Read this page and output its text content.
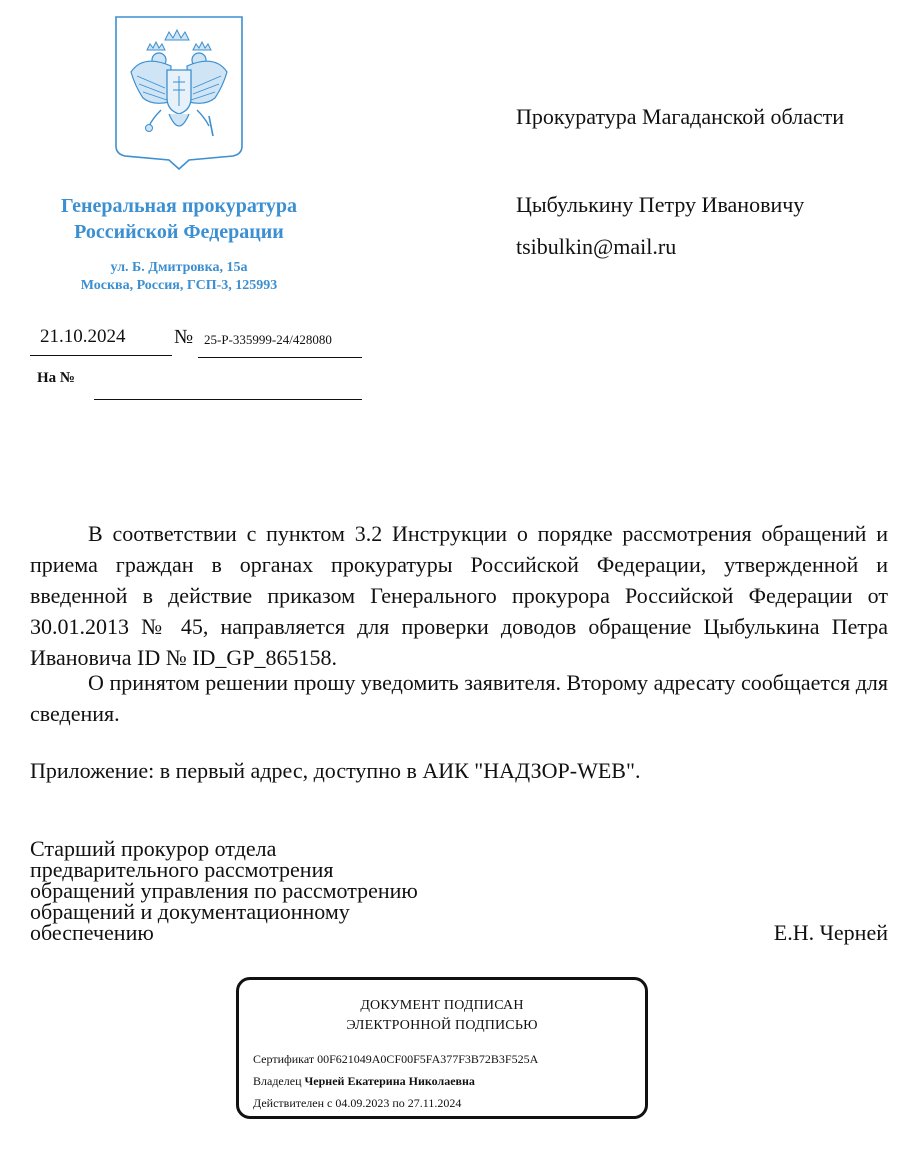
Генеральная прокуратура
Российской Федерации
ул. Б. Дмитровка, 15а
Москва, Россия, ГСП-3, 125993
Прокуратура Магаданской области
Цыбулькину Петру Ивановичу
tsibulkin@mail.ru
21.10.2024	№ 25-Р-335999-24/428080
На №
В соответствии с пунктом 3.2 Инструкции о порядке рассмотрения обращений и приема граждан в органах прокуратуры Российской Федерации, утвержденной и введенной в действие приказом Генерального прокурора Российской Федерации от 30.01.2013 № 45, направляется для проверки доводов обращение Цыбулькина Петра Ивановича ID № ID_GP_865158.
О принятом решении прошу уведомить заявителя. Второму адресату сообщается для сведения.
Приложение: в первый адрес, доступно в АИК "НАДЗОР-WEB".
Старший прокурор отдела
предварительного рассмотрения
обращений управления по рассмотрению
обращений и документационному
обеспечению	Е.Н. Черней
ДОКУМЕНТ ПОДПИСАН
ЭЛЕКТРОННОЙ ПОДПИСЬЮ
Сертификат 00F621049A0CF00F5FA377F3B72B3F525A
Владелец Черней Екатерина Николаевна
Действителен с 04.09.2023 по 27.11.2024
